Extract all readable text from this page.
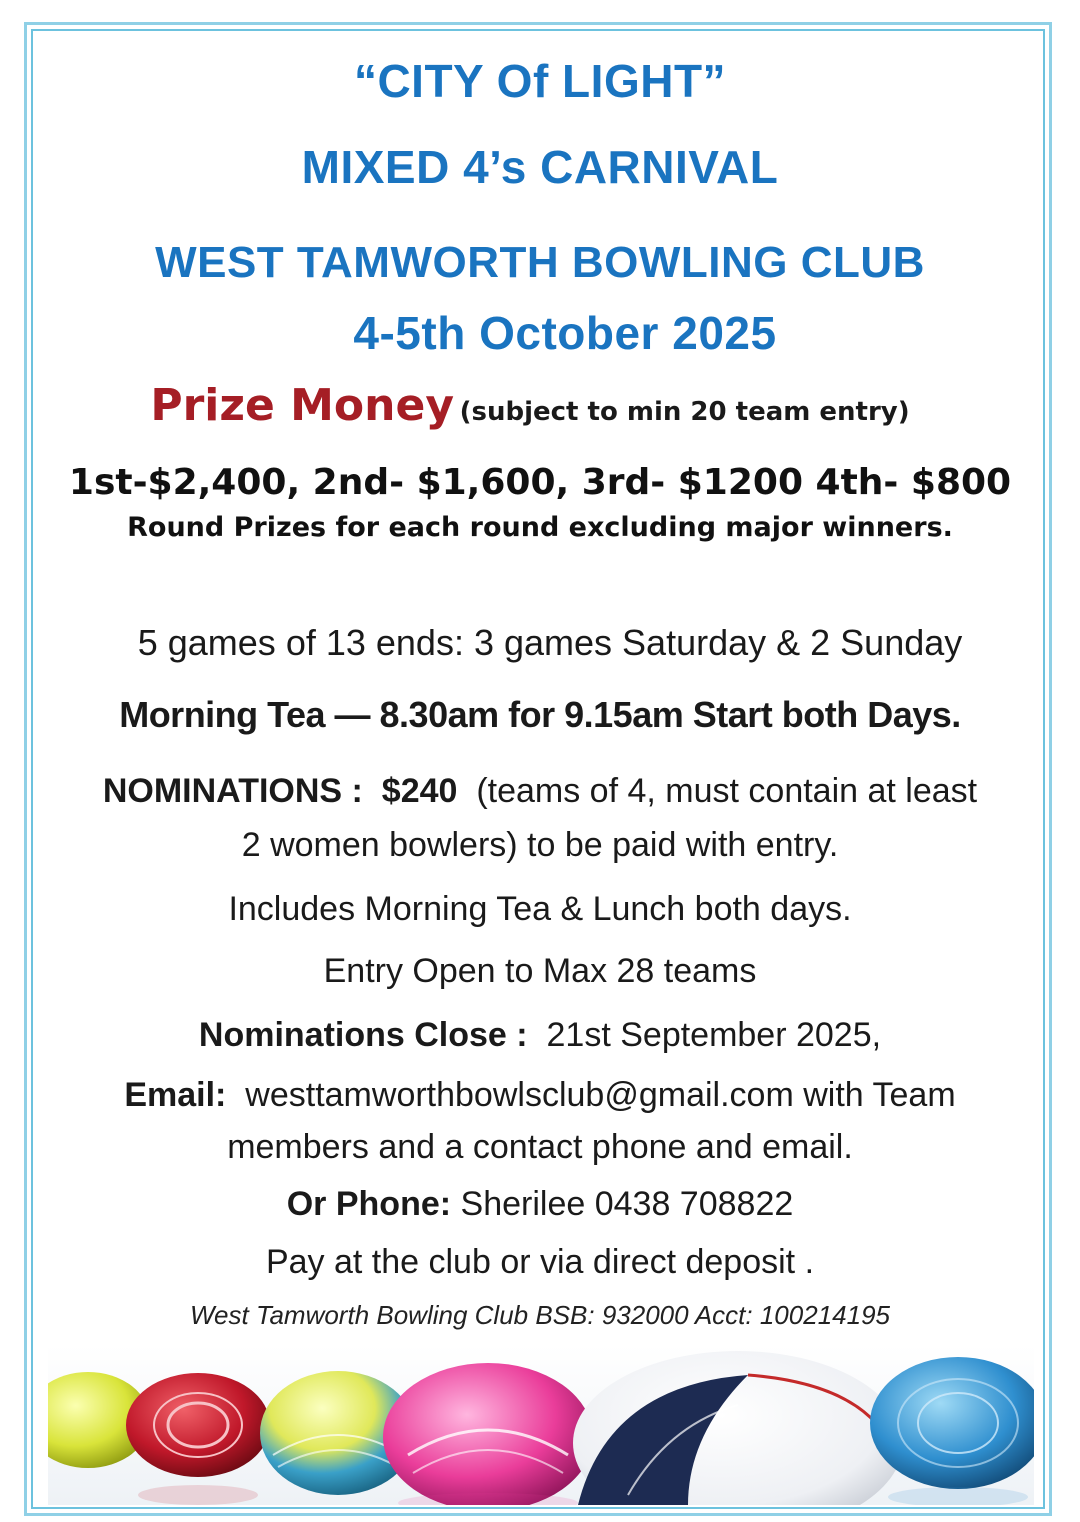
“CITY Of LIGHT”

MIXED 4’s CARNIVAL

WEST TAMWORTH BOWLING CLUB

4-5th October 2025

Prize Money (subject to min 20 team entry)

1st-$2,400, 2nd- $1,600, 3rd- $1200 4th- $800

Round Prizes for each round excluding major winners.

5 games of 13 ends: 3 games Saturday & 2 Sunday

Morning Tea — 8.30am for 9.15am Start both Days.

NOMINATIONS : $240 (teams of 4, must contain at least

2 women bowlers) to be paid with entry.

Includes Morning Tea & Lunch both days.

Entry Open to Max 28 teams

Nominations Close : 21st September 2025,

Email: westtamworthbowlsclub@gmail.com with Team

members and a contact phone and email.

Or Phone: Sherilee 0438 708822

Pay at the club or via direct deposit .

West Tamworth Bowling Club BSB: 932000 Acct: 100214195
